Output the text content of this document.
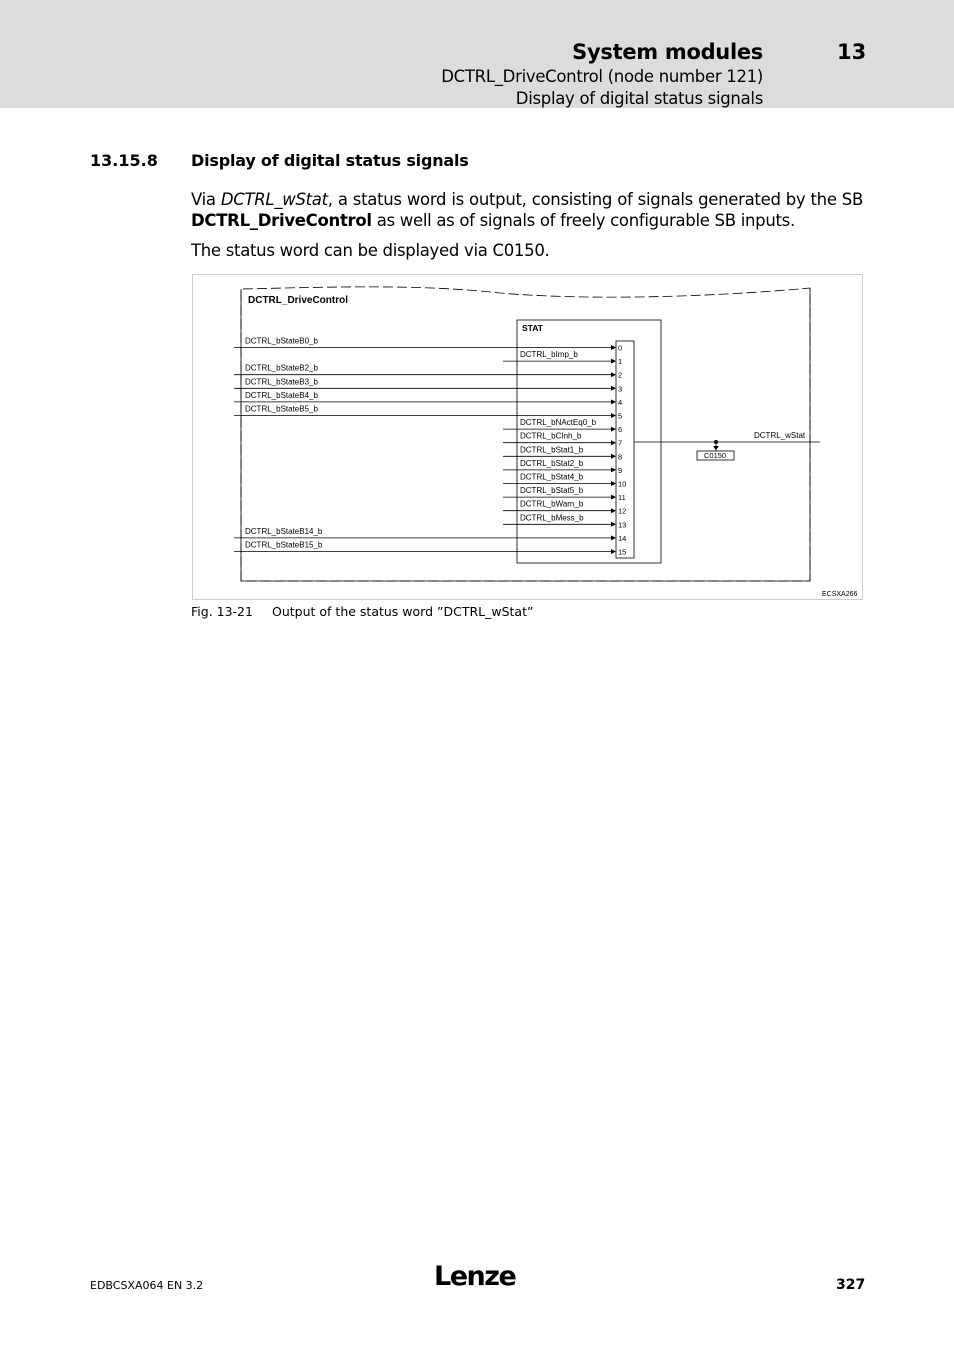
System modules	13
DCTRL_DriveControl (node number 121)
Display of digital status signals
13.15.8 Display of digital status signals
Via DCTRL_wStat, a status word is output, consisting of signals generated by the SB DCTRL_DriveControl as well as of signals of freely configurable SB inputs.
The status word can be displayed via C0150.
DCTRL_DriveControl
STAT
DCTRL_bStateB0_b
DCTRL_bStateB2_b
DCTRL_bStateB3_b
DCTRL_bStateB4_b
DCTRL_bStateB5_b
DCTRL_bStateB14_b
DCTRL_bStateB15_b
DCTRL_bImp_b
DCTRL_bNActEq0_b
DCTRL_bCInh_b
DCTRL_bStat1_b
DCTRL_bStat2_b
DCTRL_bStat4_b
DCTRL_bStat5_b
DCTRL_bWarn_b
DCTRL_bMess_b
0
1
2
3
4
5
6
7
8
9
10
11
12
13
14
15
DCTRL_wStat
C0150
ECSXA266
Fig. 13-21 Output of the status word ”DCTRL_wStat”
EDBCSXA064 EN 3.2	Lenze	327
